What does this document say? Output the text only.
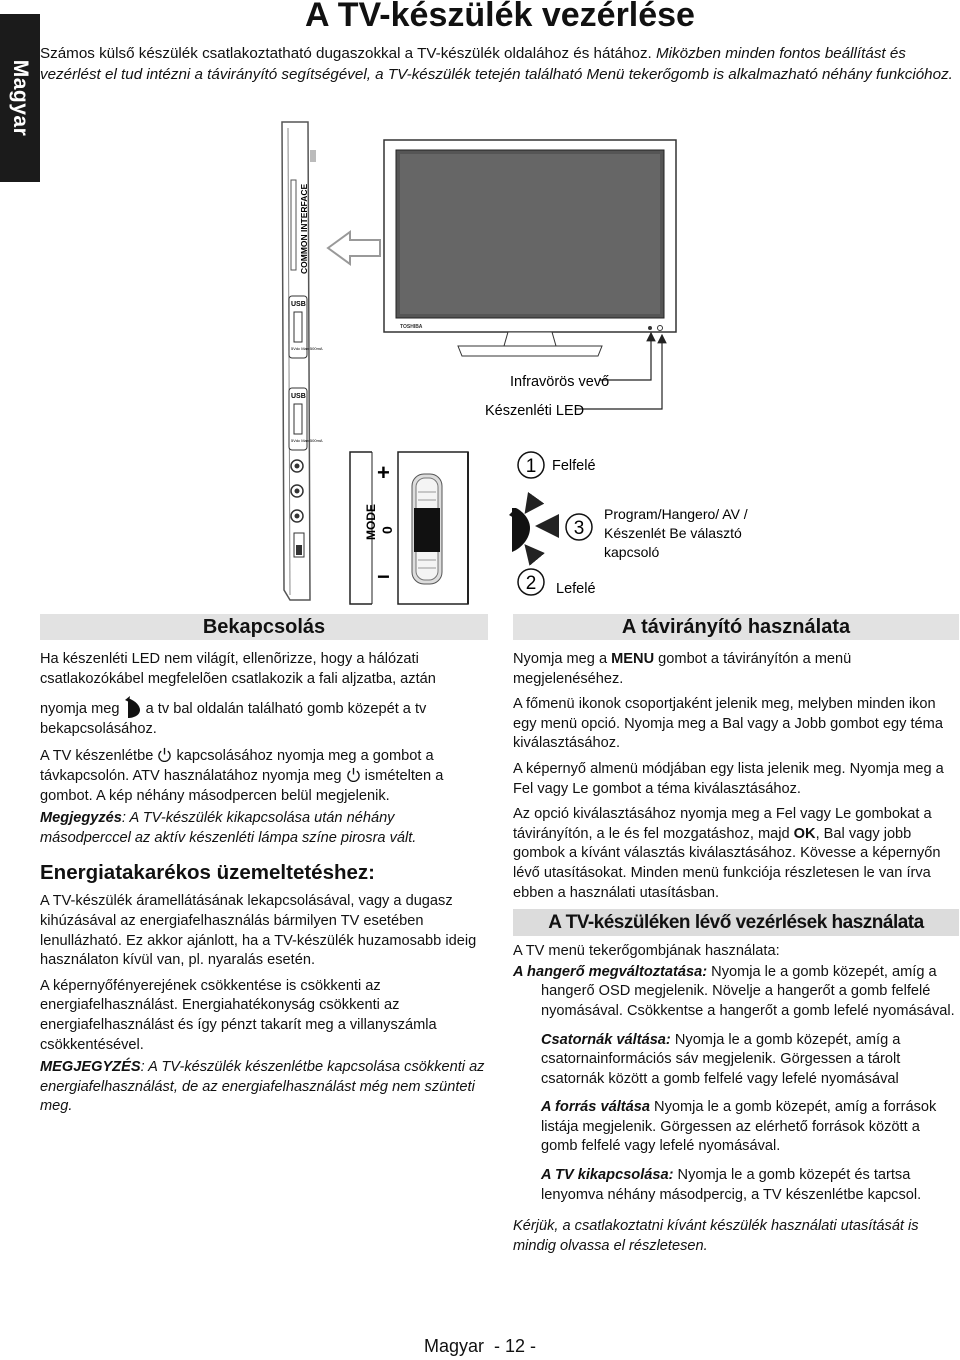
Magyar
A TV-készülék vezérlése
Számos külső készülék csatlakoztatható dugaszokkal a TV-készülék oldalához és hátához. Miközben minden fontos beállítást és vezérlést el tud intézni a távirányító segítségével, a TV-készülék tetején található Menü tekerőgomb is alkalmazható néhány funkcióhoz.
COMMON INTERFACE
USB
5Vdc Max:500mA
USB
5Vdc Max:500mA
TOSHIBA
Infravörös vevő
Készenléti LED
MODE
+
0
−
1 Felfelé
2 Lefelé
3
Program/Hangero/ AV /
Készenlét Be választó
kapcsoló
Bekapcsolás
Ha készenléti LED nem világít, ellenõrizze, hogy a hálózati csatlakozókábel megfelelõen csatlakozik a fali aljzatba, aztán
nyomja meg a tv bal oldalán található gomb közepét a tv bekapcsolásához.
A TV készenlétbe kapcsolásához nyomja meg a gombot a távkapcsolón. ATV használatához nyomja meg ismételten a gombot. A kép néhány másodpercen belül megjelenik.
Megjegyzés: A TV-készülék kikapcsolása után néhány másodperccel az aktív készenléti lámpa színe pirosra vált.
Energiatakarékos üzemeltetéshez:
A TV-készülék áramellátásának lekapcsolásával, vagy a dugasz kihúzásával az energiafelhasználás bármilyen TV esetében lenullázható. Ez akkor ajánlott, ha a TV-készülék huzamosabb ideig használaton kívül van, pl. nyaralás esetén.
A képernyőfényerejének csökkentése is csökkenti az energiafelhasználást. Energiahatékonyság csökkenti az energiafelhasználást és így pénzt takarít meg a villanyszámla csökkentésével.
MEGJEGYZÉS: A TV-készülék készenlétbe kapcsolása csökkenti az energiafelhasználást, de az energiafelhasználást még nem szünteti meg.
A távirányító használata
Nyomja meg a MENU gombot a távirányítón a menü megjelenéséhez.
A főmenü ikonok csoportjaként jelenik meg, melyben minden ikon egy menü opció. Nyomja meg a Bal vagy a Jobb gombot egy téma kiválasztásához.
A képernyő almenü módjában egy lista jelenik meg. Nyomja meg a Fel vagy Le gombot a téma kiválasztásához.
Az opció kiválasztásához nyomja meg a Fel vagy Le gombokat a távirányítón, a le és fel mozgatáshoz, majd OK, Bal vagy jobb gombok a kívánt választás kiválasztásához. Kövesse a képernyőn lévő utasításokat. Minden menü funkciója részletesen le van írva ebben a használati utasításban.
A TV-készüléken lévő vezérlések használata
A TV menü tekerőgombjának használata:
A hangerő megváltoztatása: Nyomja le a gomb közepét, amíg a hangerő OSD megjelenik. Növelje a hangerőt a gomb felfelé nyomásával. Csökkentse a hangerőt a gomb lefelé nyomásával.
Csatornák váltása: Nyomja le a gomb közepét, amíg a csatornainformációs sáv megjelenik. Görgessen a tárolt csatornák között a gomb felfelé vagy lefelé nyomásával
A forrás váltása Nyomja le a gomb közepét, amíg a források listája megjelenik. Görgessen az elérhető források között a gomb felfelé vagy lefelé nyomásával.
A TV kikapcsolása: Nyomja le a gomb közepét és tartsa lenyomva néhány másodpercig, a TV készenlétbe kapcsol.
Kérjük, a csatlakoztatni kívánt készülék használati utasítását is mindig olvassa el részletesen.
Magyar  - 12 -
